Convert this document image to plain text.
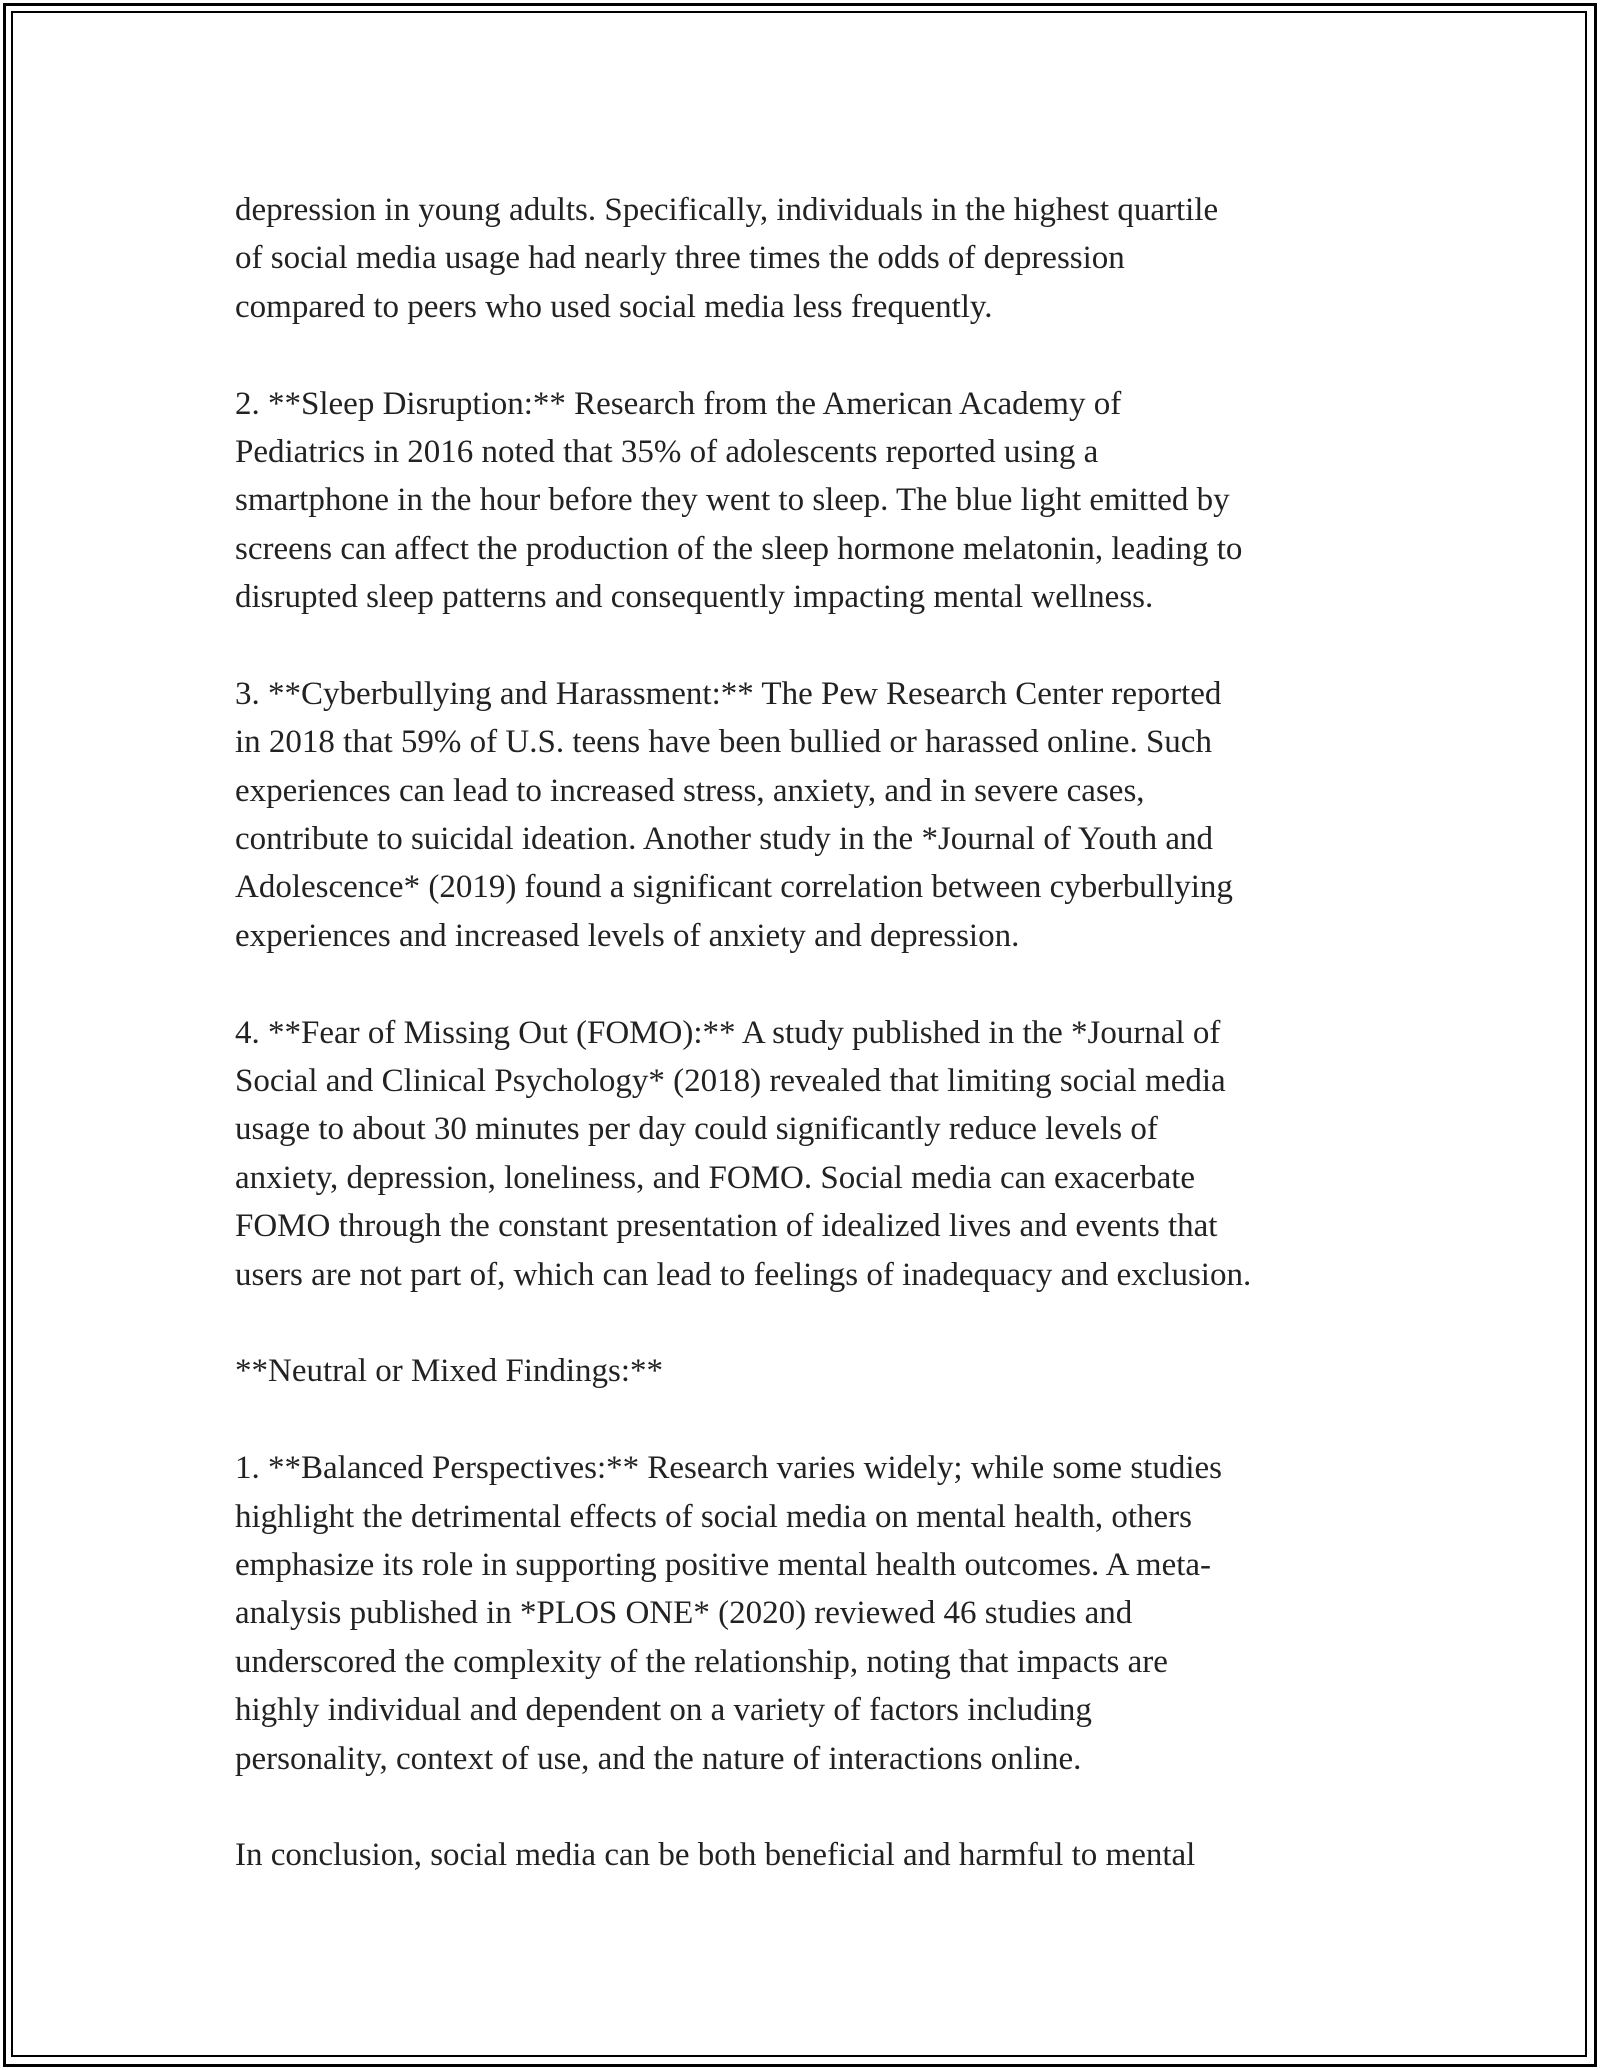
depression in young adults. Specifically, individuals in the highest quartile
of social media usage had nearly three times the odds of depression
compared to peers who used social media less frequently.
2. **Sleep Disruption:** Research from the American Academy of
Pediatrics in 2016 noted that 35% of adolescents reported using a
smartphone in the hour before they went to sleep. The blue light emitted by
screens can affect the production of the sleep hormone melatonin, leading to
disrupted sleep patterns and consequently impacting mental wellness.
3. **Cyberbullying and Harassment:** The Pew Research Center reported
in 2018 that 59% of U.S. teens have been bullied or harassed online. Such
experiences can lead to increased stress, anxiety, and in severe cases,
contribute to suicidal ideation. Another study in the *Journal of Youth and
Adolescence* (2019) found a significant correlation between cyberbullying
experiences and increased levels of anxiety and depression.
4. **Fear of Missing Out (FOMO):** A study published in the *Journal of
Social and Clinical Psychology* (2018) revealed that limiting social media
usage to about 30 minutes per day could significantly reduce levels of
anxiety, depression, loneliness, and FOMO. Social media can exacerbate
FOMO through the constant presentation of idealized lives and events that
users are not part of, which can lead to feelings of inadequacy and exclusion.
**Neutral or Mixed Findings:**
1. **Balanced Perspectives:** Research varies widely; while some studies
highlight the detrimental effects of social media on mental health, others
emphasize its role in supporting positive mental health outcomes. A meta-
analysis published in *PLOS ONE* (2020) reviewed 46 studies and
underscored the complexity of the relationship, noting that impacts are
highly individual and dependent on a variety of factors including
personality, context of use, and the nature of interactions online.
In conclusion, social media can be both beneficial and harmful to mental
